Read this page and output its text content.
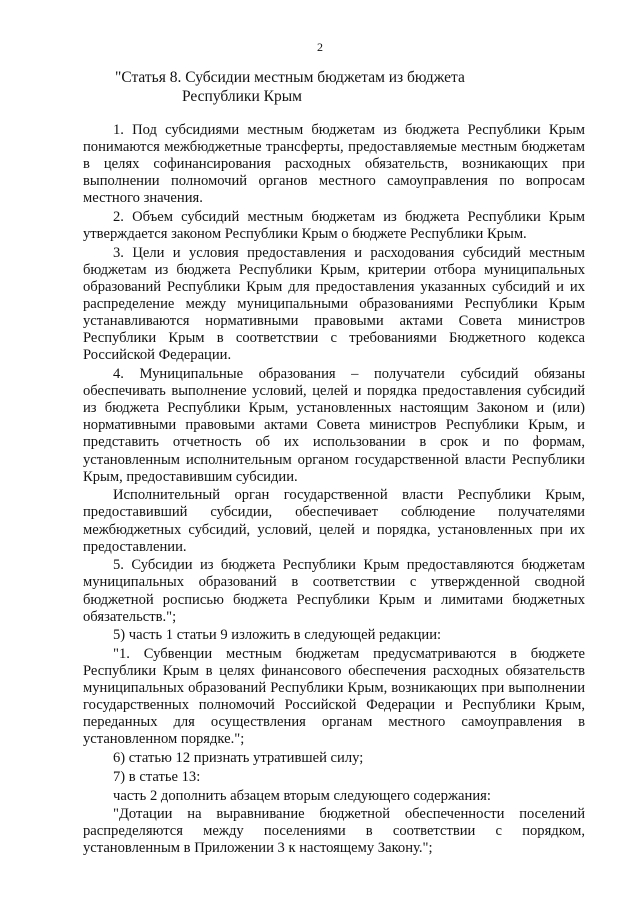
2
"Статья 8. Субсидии местным бюджетам из бюджета
Республики Крым

1. Под субсидиями местным бюджетам из бюджета Республики Крым понимаются межбюджетные трансферты, предоставляемые местным бюджетам в целях софинансирования расходных обязательств, возникающих при выполнении полномочий органов местного самоуправления по вопросам местного значения.

2. Объем субсидий местным бюджетам из бюджета Республики Крым утверждается законом Республики Крым о бюджете Республики Крым.

3. Цели и условия предоставления и расходования субсидий местным бюджетам из бюджета Республики Крым, критерии отбора муниципальных образований Республики Крым для предоставления указанных субсидий и их распределение между муниципальными образованиями Республики Крым устанавливаются нормативными правовыми актами Совета министров Республики Крым в соответствии с требованиями Бюджетного кодекса Российской Федерации.

4. Муниципальные образования – получатели субсидий обязаны обеспечивать выполнение условий, целей и порядка предоставления субсидий из бюджета Республики Крым, установленных настоящим Законом и (или) нормативными правовыми актами Совета министров Республики Крым, и представить отчетность об их использовании в срок и по формам, установленным исполнительным органом государственной власти Республики Крым, предоставившим субсидии.

Исполнительный орган государственной власти Республики Крым, предоставивший субсидии, обеспечивает соблюдение получателями межбюджетных субсидий, условий, целей и порядка, установленных при их предоставлении.

5. Субсидии из бюджета Республики Крым предоставляются бюджетам муниципальных образований в соответствии с утвержденной сводной бюджетной росписью бюджета Республики Крым и лимитами бюджетных обязательств.";

5) часть 1 статьи 9 изложить в следующей редакции:

"1. Субвенции местным бюджетам предусматриваются в бюджете Республики Крым в целях финансового обеспечения расходных обязательств муниципальных образований Республики Крым, возникающих при выполнении государственных полномочий Российской Федерации и Республики Крым, переданных для осуществления органам местного самоуправления в установленном порядке.";

6) статью 12 признать утратившей силу;

7) в статье 13:

часть 2 дополнить абзацем вторым следующего содержания:

"Дотации на выравнивание бюджетной обеспеченности поселений распределяются между поселениями в соответствии с порядком, установленным в Приложении 3 к настоящему Закону.";
